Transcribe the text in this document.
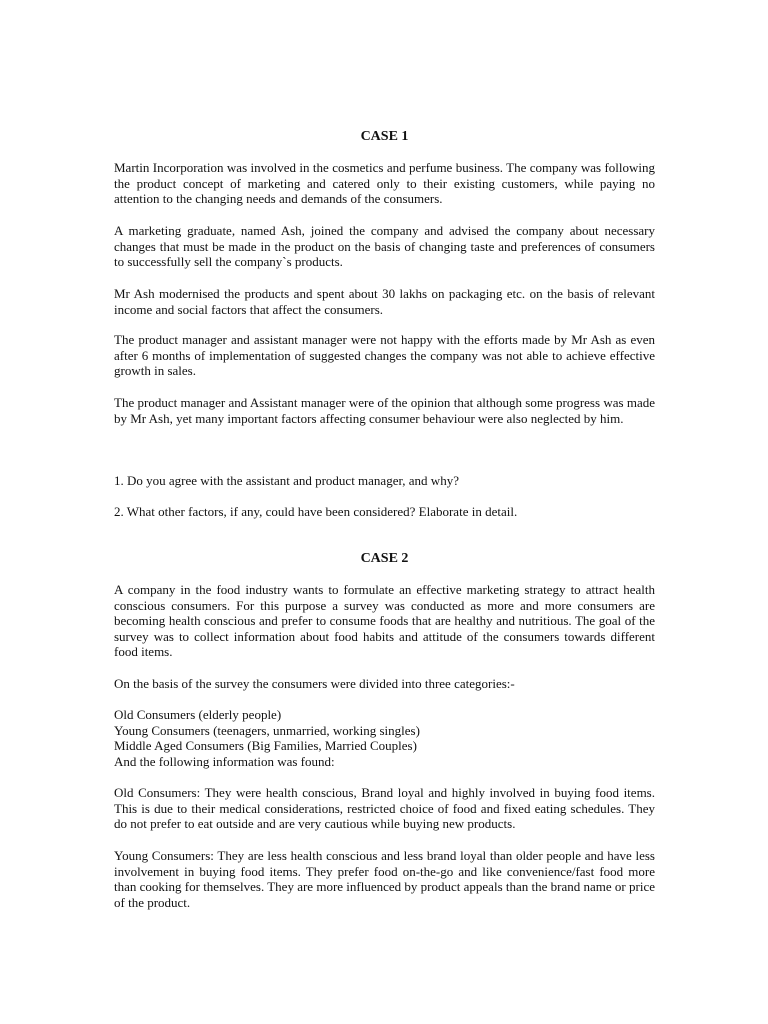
CASE 1

Martin Incorporation was involved in the cosmetics and perfume business. The company was following the product concept of marketing and catered only to their existing customers, while paying no attention to the changing needs and demands of the consumers.

A marketing graduate, named Ash, joined the company and advised the company about necessary changes that must be made in the product on the basis of changing taste and preferences of consumers to successfully sell the company`s products.

Mr Ash modernised the products and spent about 30 lakhs on packaging etc. on the basis of relevant income and social factors that affect the consumers.

The product manager and assistant manager were not happy with the efforts made by Mr Ash as even after 6 months of implementation of suggested changes the company was not able to achieve effective growth in sales.

The product manager and Assistant manager were of the opinion that although some progress was made by Mr Ash, yet many important factors affecting consumer behaviour were also neglected by him.

1. Do you agree with the assistant and product manager, and why?

2. What other factors, if any, could have been considered? Elaborate in detail.

CASE 2

A company in the food industry wants to formulate an effective marketing strategy to attract health conscious consumers. For this purpose a survey was conducted as more and more consumers are becoming health conscious and prefer to consume foods that are healthy and nutritious. The goal of the survey was to collect information about food habits and attitude of the consumers towards different food items.

On the basis of the survey the consumers were divided into three categories:-

Old Consumers (elderly people)

Young Consumers (teenagers, unmarried, working singles)

Middle Aged Consumers (Big Families, Married Couples)

And the following information was found:

Old Consumers: They were health conscious, Brand loyal and highly involved in buying food items. This is due to their medical considerations, restricted choice of food and fixed eating schedules. They do not prefer to eat outside and are very cautious while buying new products.

Young Consumers: They are less health conscious and less brand loyal than older people and have less involvement in buying food items. They prefer food on-the-go and like convenience/fast food more than cooking for themselves. They are more influenced by product appeals than the brand name or price of the product.
